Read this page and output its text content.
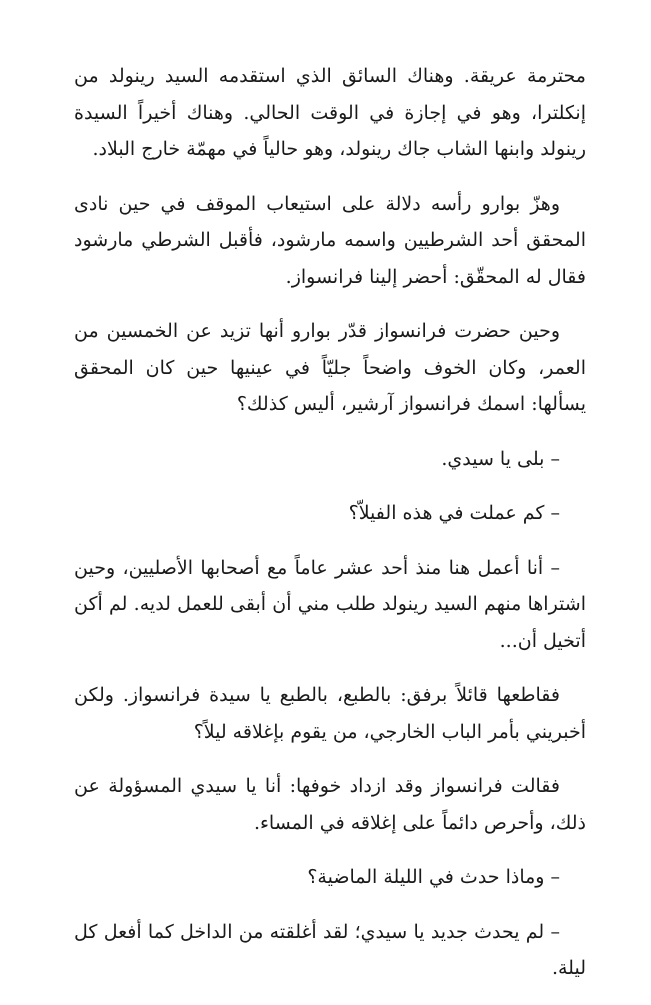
محترمة عريقة. وهناك السائق الذي استقدمه السيد رينولد من إنكلترا، وهو في إجازة في الوقت الحالي. وهناك أخيراً السيدة رينولد وابنها الشاب جاك رينولد، وهو حالياً في مهمّة خارج البلاد.

وهزّ بوارو رأسه دلالة على استيعاب الموقف في حين نادى المحقق أحد الشرطيين واسمه مارشود، فأقبل الشرطي مارشود فقال له المحقّق: أحضر إلينا فرانسواز.

وحين حضرت فرانسواز قدّر بوارو أنها تزيد عن الخمسين من العمر، وكان الخوف واضحاً جليّاً في عينيها حين كان المحقق يسألها: اسمك فرانسواز آرشير، أليس كذلك؟

– بلى يا سيدي.

– كم عملت في هذه الفيلاّ؟

– أنا أعمل هنا منذ أحد عشر عاماً مع أصحابها الأصليين، وحين اشتراها منهم السيد رينولد طلب مني أن أبقى للعمل لديه. لم أكن أتخيل أن...

فقاطعها قائلاً برفق: بالطبع، بالطبع يا سيدة فرانسواز. ولكن أخبريني بأمر الباب الخارجي، من يقوم بإغلاقه ليلاً؟

فقالت فرانسواز وقد ازداد خوفها: أنا يا سيدي المسؤولة عن ذلك، وأحرص دائماً على إغلاقه في المساء.

– وماذا حدث في الليلة الماضية؟

– لم يحدث جديد يا سيدي؛ لقد أغلقته من الداخل كما أفعل كل ليلة.
